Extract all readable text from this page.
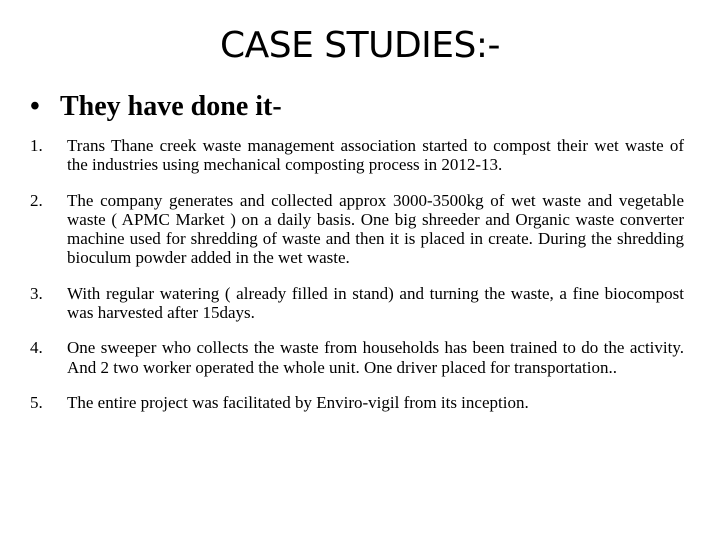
CASE STUDIES:-
• They have done it-
1.	Trans Thane creek waste management association started to compost their wet waste of the industries using mechanical composting process in 2012-13.
2.	The company generates and collected approx 3000-3500kg of wet waste and vegetable waste ( APMC Market ) on a daily basis. One big shreeder and Organic waste converter machine used for shredding of waste and then it is placed in create. During the shredding bioculum powder added in the wet waste.
3.	With regular watering ( already filled in stand) and turning the waste, a fine biocompost was harvested after 15days.
4.	One sweeper who collects the waste from households has been trained to do the activity. And 2 two worker operated the whole unit. One driver placed for transportation..
5.	The entire project was facilitated by Enviro-vigil from its inception.
